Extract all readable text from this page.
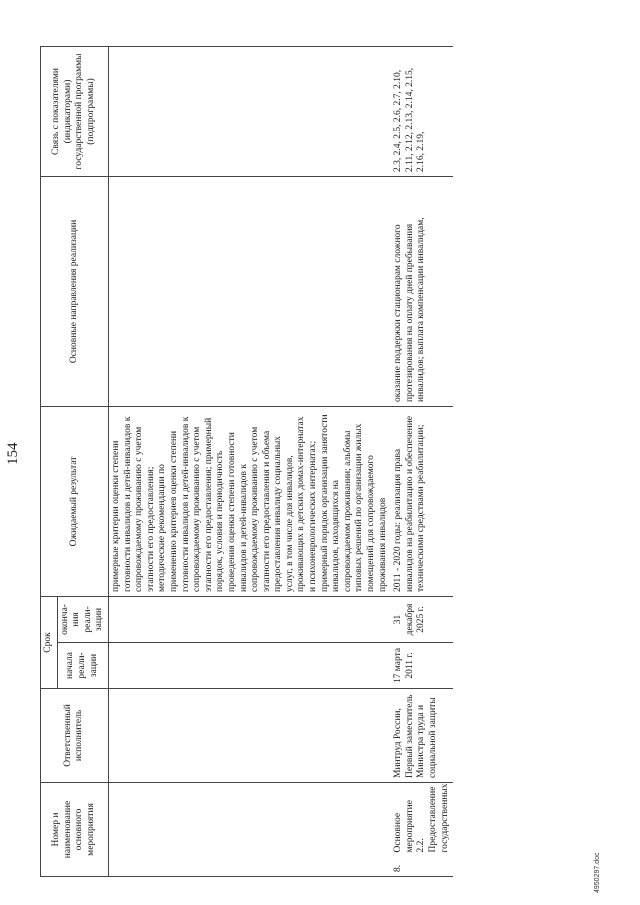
154
Номер и наименование основного мероприятия		Ответственный исполнитель	Срок		Ожидаемый результат	Основные направления реализации	Связь с показателями (индикаторами) государственной программы (подпрограммы)
			начала реали-зации	оконча-ния реали-зации			
					примерные критерии оценки степени готовности инвалидов и детей-инвалидов к сопровождаемому проживанию с учетом этапности его предоставления; методические рекомендации по применению критериев оценки степени готовности инвалидов и детей-инвалидов к сопровождаемому проживанию с учетом этапности его предоставления; примерный порядок, условия и периодичность проведения оценки степени готовности инвалидов и детей-инвалидов к сопровождаемому проживанию с учетом этапности его предоставления и объема предоставления инвалиду социальных услуг, в том числе для инвалидов, проживающих в детских домах-интернатах и психоневрологических интернатах; примерный порядок организации занятости инвалидов, находящихся на сопровождаемом проживании; альбомы типовых решений по организации жилых помещений для сопровождаемого проживания инвалидов		
8.	Основное мероприятие 2.2. Предоставление государственных	Минтруд России, Первый заместитель Министра труда и социальной защиты	17 марта 2011 г.	31 декабря 2025 г.	2011 - 2020 годы: реализация права инвалидов на реабилитацию и обеспечение техническими средствами реабилитации;	оказание поддержки стационарам сложного протезирования на оплату дней пребывания инвалидов; выплата компенсации инвалидам,	2.3, 2.4, 2.5, 2.6, 2.7, 2.10, 2.11, 2.12, 2.13, 2.14, 2.15, 2.16, 2.19,
4950297.doc
